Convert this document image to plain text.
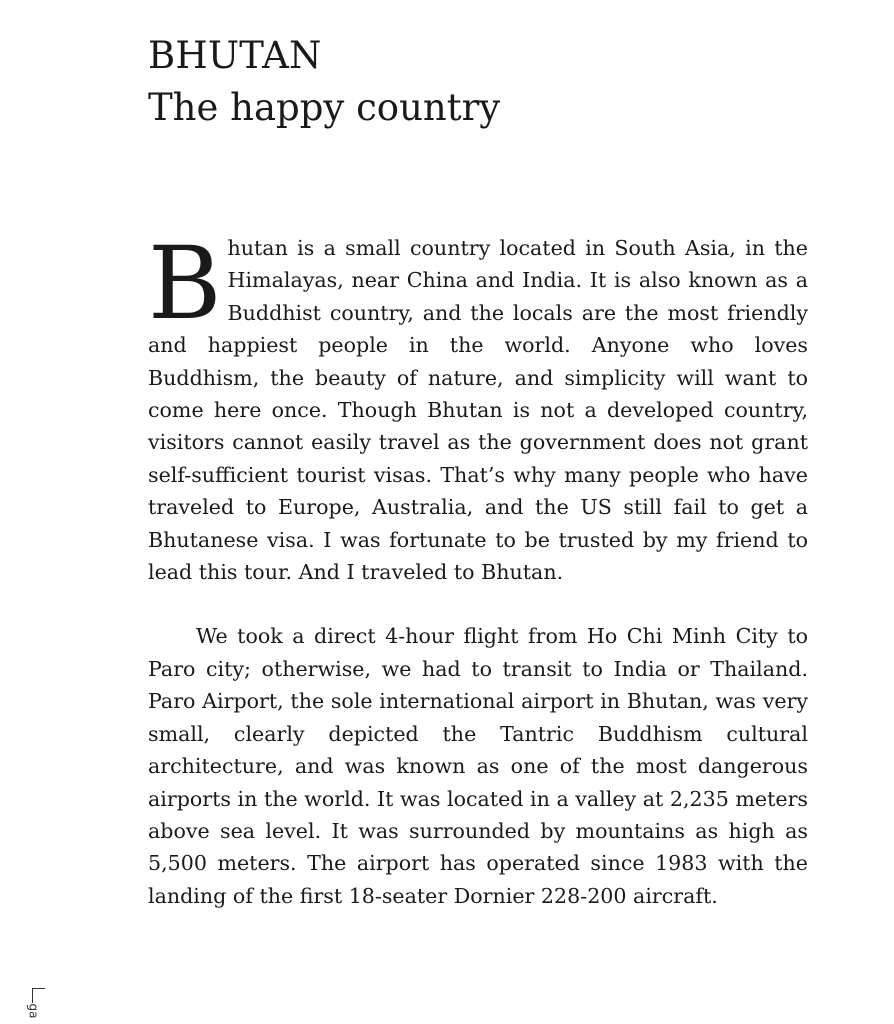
BHUTAN
The happy country

B hutan is a small country located in South Asia, in the Himalayas, near China and India. It is also known as a Buddhist country, and the locals are the most friendly and happiest people in the world. Anyone who loves Buddhism, the beauty of nature, and simplicity will want to come here once. Though Bhutan is not a developed country, visitors cannot easily travel as the government does not grant self-sufficient tourist visas. That’s why many people who have traveled to Europe, Australia, and the US still fail to get a Bhutanese visa. I was fortunate to be trusted by my friend to lead this tour. And I traveled to Bhutan.

We took a direct 4-hour flight from Ho Chi Minh City to Paro city; otherwise, we had to transit to India or Thailand. Paro Airport, the sole international airport in Bhutan, was very small, clearly depicted the Tantric Buddhism cultural architecture, and was known as one of the most dangerous airports in the world. It was located in a valley at 2,235 meters above sea level. It was surrounded by mountains as high as 5,500 meters. The airport has operated since 1983 with the landing of the first 18-seater Dornier 228-200 aircraft.

ga
